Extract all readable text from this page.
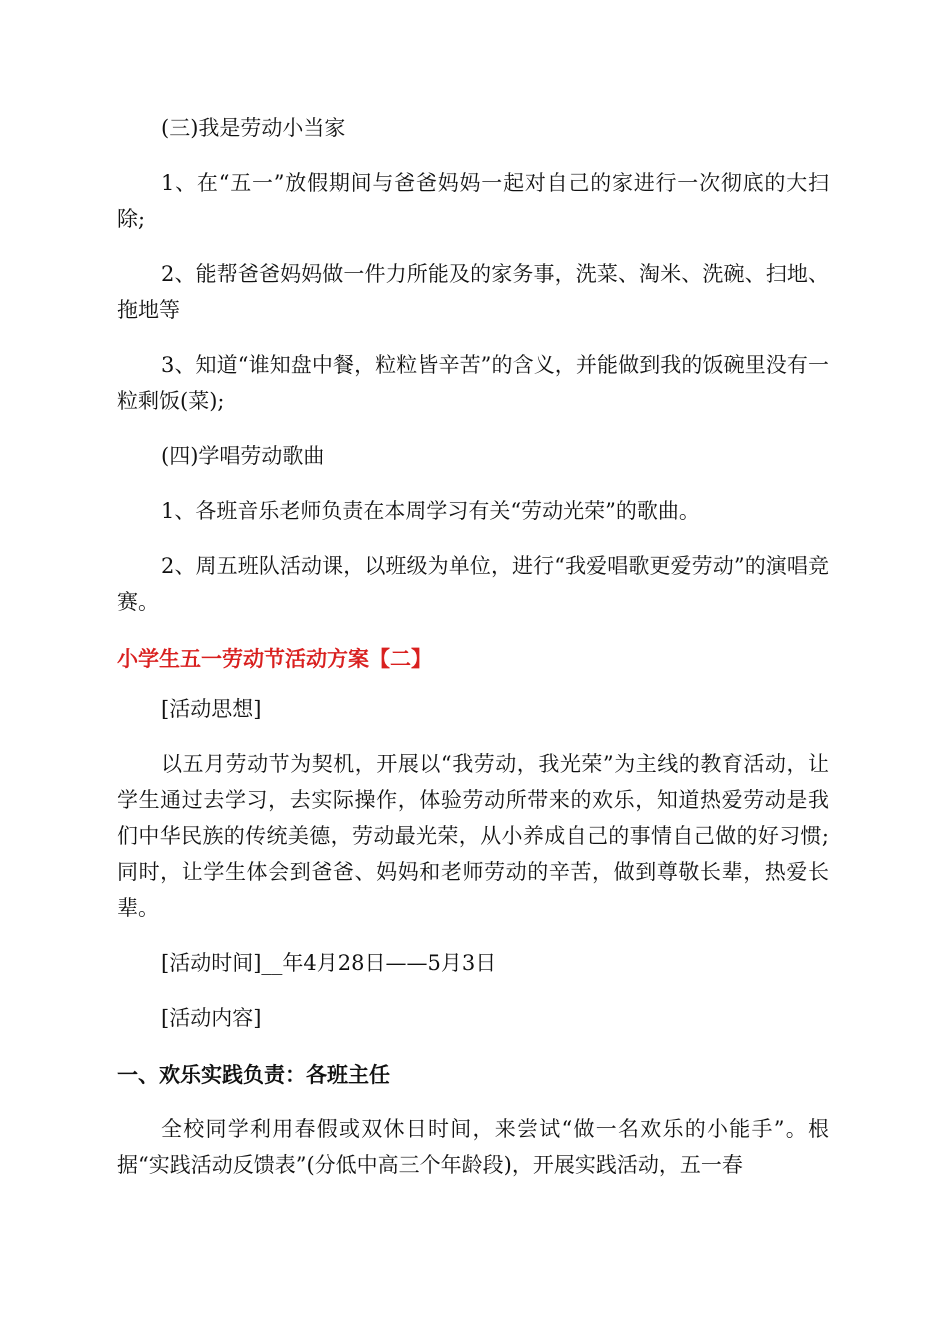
(三)我是劳动小当家

1、在“五一”放假期间与爸爸妈妈一起对自己的家进行一次彻底的大扫除;

2、能帮爸爸妈妈做一件力所能及的家务事，洗菜、淘米、洗碗、扫地、拖地等

3、知道“谁知盘中餐，粒粒皆辛苦”的含义，并能做到我的饭碗里没有一粒剩饭(菜);

(四)学唱劳动歌曲

1、各班音乐老师负责在本周学习有关“劳动光荣”的歌曲。

2、周五班队活动课，以班级为单位，进行“我爱唱歌更爱劳动”的演唱竞赛。

小学生五一劳动节活动方案【二】

[活动思想]

以五月劳动节为契机，开展以“我劳动，我光荣”为主线的教育活动，让学生通过去学习，去实际操作，体验劳动所带来的欢乐，知道热爱劳动是我们中华民族的传统美德，劳动最光荣，从小养成自己的事情自己做的好习惯;同时，让学生体会到爸爸、妈妈和老师劳动的辛苦，做到尊敬长辈，热爱长辈。

[活动时间]__年4月28日——5月3日

[活动内容]

一、欢乐实践负责：各班主任

全校同学利用春假或双休日时间，来尝试“做一名欢乐的小能手”。根据“实践活动反馈表”(分低中高三个年龄段)，开展实践活动，五一春
